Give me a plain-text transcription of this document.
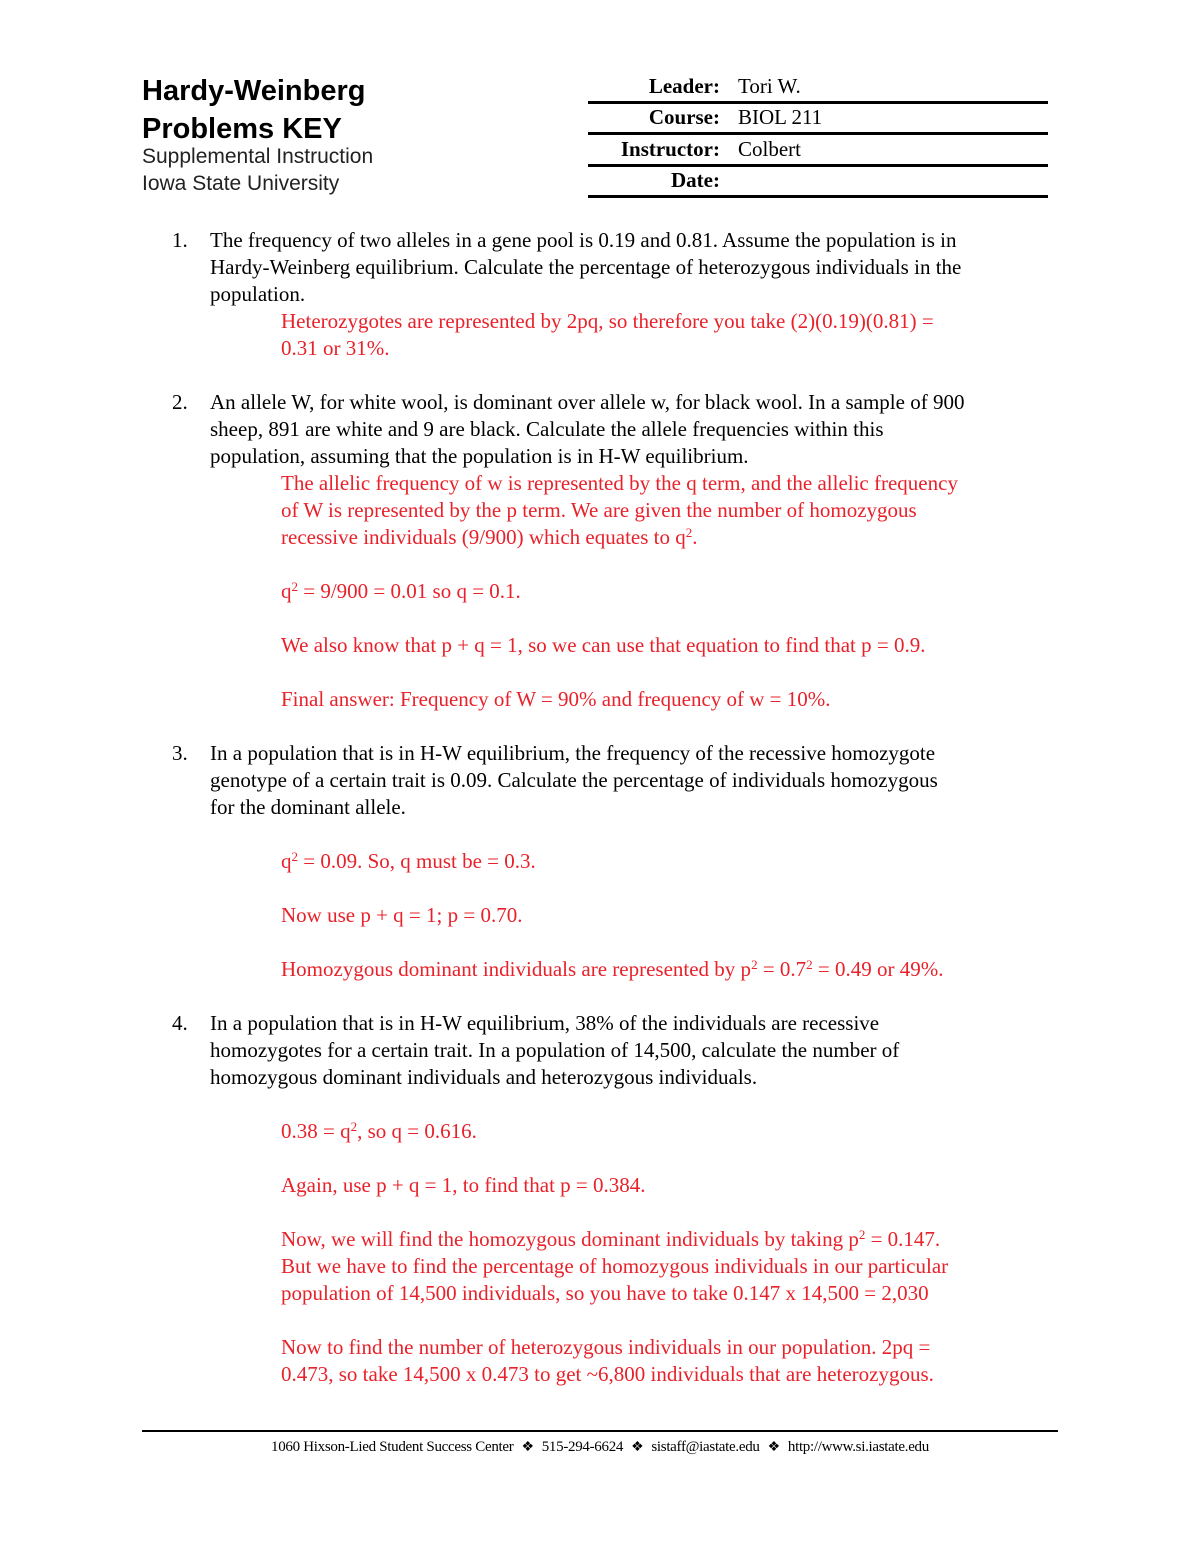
Hardy-Weinberg
Problems KEY
Supplemental Instruction
Iowa State University
Leader: Tori W.
Course: BIOL 211
Instructor: Colbert
Date:
1.	The frequency of two alleles in a gene pool is 0.19 and 0.81. Assume the population is in
Hardy-Weinberg equilibrium. Calculate the percentage of heterozygous individuals in the
population.
Heterozygotes are represented by 2pq, so therefore you take (2)(0.19)(0.81) =
0.31 or 31%.
2.	An allele W, for white wool, is dominant over allele w, for black wool. In a sample of 900
sheep, 891 are white and 9 are black. Calculate the allele frequencies within this
population, assuming that the population is in H-W equilibrium.
The allelic frequency of w is represented by the q term, and the allelic frequency
of W is represented by the p term. We are given the number of homozygous
recessive individuals (9/900) which equates to $q^2$.
$q^2 = 9/900 = 0.01$ so q = 0.1.
We also know that p + q = 1, so we can use that equation to find that p = 0.9.
Final answer: Frequency of W = 90% and frequency of w = 10%.
3.	In a population that is in H-W equilibrium, the frequency of the recessive homozygote
genotype of a certain trait is 0.09. Calculate the percentage of individuals homozygous
for the dominant allele.
$q^2 = 0.09$. So, q must be = 0.3.
Now use p + q = 1; p = 0.70.
Homozygous dominant individuals are represented by $p^2 = 0.7^2 = 0.49$ or 49%.
4.	In a population that is in H-W equilibrium, 38% of the individuals are recessive
homozygotes for a certain trait. In a population of 14,500, calculate the number of
homozygous dominant individuals and heterozygous individuals.
$0.38 = q^2$, so q = 0.616.
Again, use p + q = 1, to find that p = 0.384.
Now, we will find the homozygous dominant individuals by taking $p^2 = 0.147$.
But we have to find the percentage of homozygous individuals in our particular
population of 14,500 individuals, so you have to take 0.147 x 14,500 = 2,030
Now to find the number of heterozygous individuals in our population. 2pq =
0.473, so take 14,500 x 0.473 to get ~6,800 individuals that are heterozygous.
1060 Hixson-Lied Student Success Center ❖ 515-294-6624 ❖ sistaff@iastate.edu ❖ http://www.si.iastate.edu
